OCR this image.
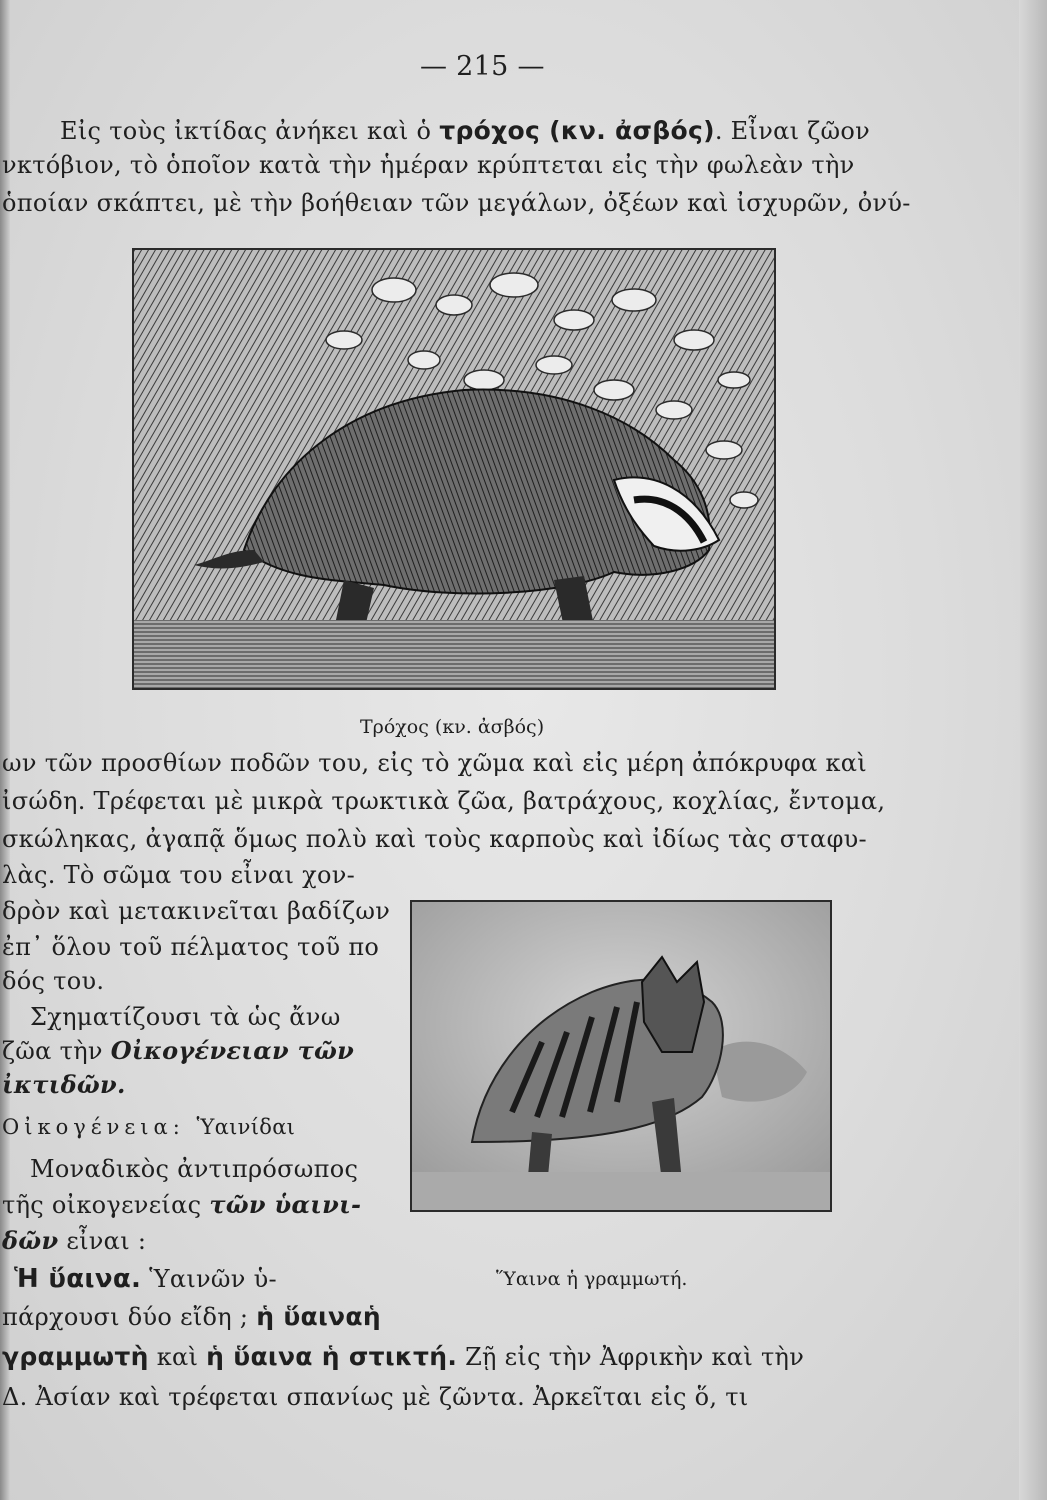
— 215 —
Εἰς τοὺς ἰκτίδας ἀνήκει καὶ ὁ τρόχος (κν. ἀσβός). Εἶναι ζῶον
νκτόβιον, τὸ ὁποῖον κατὰ τὴν ἡμέραν κρύπτεται εἰς τὴν φωλεὰν τὴν
ὁποίαν σκάπτει, μὲ τὴν βοήθειαν τῶν μεγάλων, ὀξέων καὶ ἰσχυρῶν, ὀνύ-
Τρόχος (κν. ἀσβός)
ων τῶν προσθίων ποδῶν του, εἰς τὸ χῶμα καὶ εἰς μέρη ἀπόκρυφα καὶ
ἰσώδη. Τρέφεται μὲ μικρὰ τρωκτικὰ ζῶα, βατράχους, κοχλίας, ἔντομα,
σκώληκας, ἀγαπᾷ ὅμως πολὺ καὶ τοὺς καρποὺς καὶ ἰδίως τὰς σταφυ-
λὰς. Τὸ σῶμα του εἶναι χον-
δρὸν καὶ μετακινεῖται βαδίζων
ἐπ᾽ ὅλου τοῦ πέλματος τοῦ πο
δός του.
Σχηματίζουσι τὰ ὡς ἄνω
ζῶα τὴν Οἰκογένειαν τῶν
ἰκτιδῶν.
Οἰκογένεια: Ὑαινίδαι
Ὕαινα ἡ γραμμωτή.
Μοναδικὸς ἀντιπρόσωπος
τῆς οἰκογενείας τῶν ὑαινι-
δῶν εἶναι :
Ἡ ὕαινα. Ὑαινῶν ὑ-
πάρχουσι δύο εἴδη ; ἡ ὕαιναἡ
γραμμωτὴ καὶ ἡ ὕαινα ἡ στικτή. Ζῇ εἰς τὴν Ἀφρικὴν καὶ τὴν
Δ. Ἀσίαν καὶ τρέφεται σπανίως μὲ ζῶντα. Ἀρκεῖται εἰς ὅ, τι
